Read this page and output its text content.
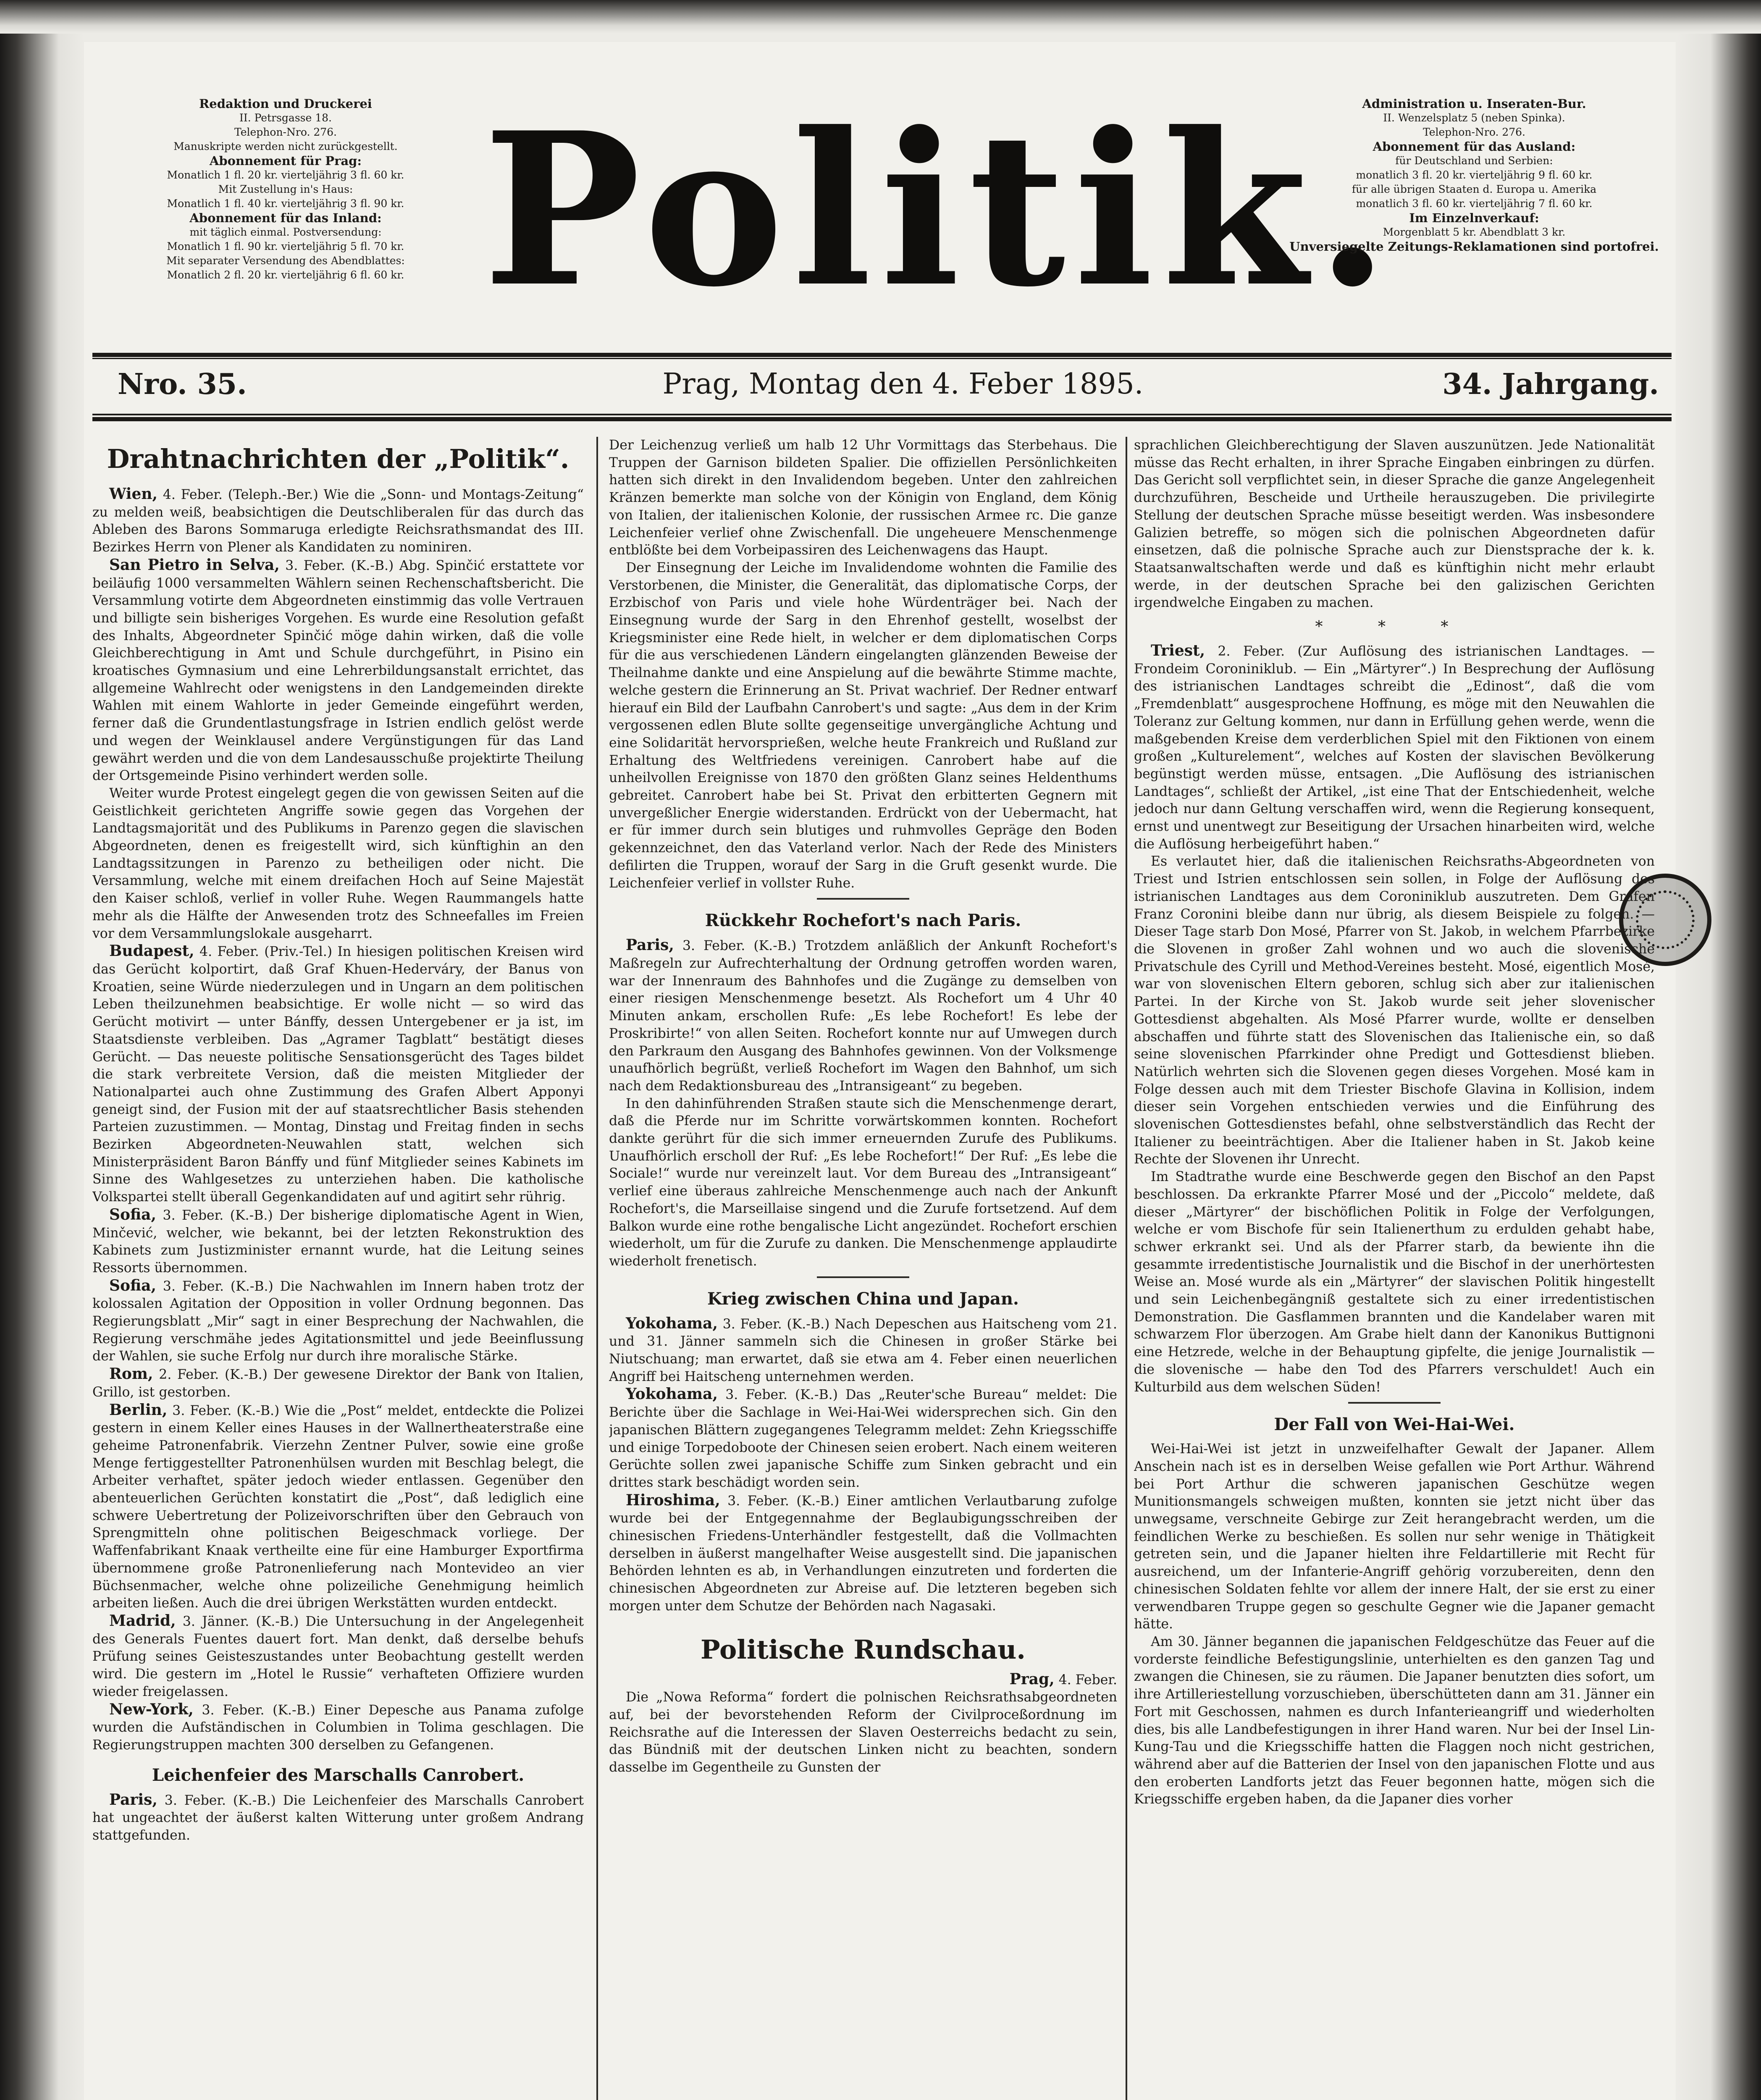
Redaktion und Druckerei
II. Petrsgasse 18.
Telephon-Nro. 276.
Manuskripte werden nicht zurückgestellt.
Abonnement für Prag:
Monatlich 1 fl. 20 kr. vierteljährig 3 fl. 60 kr.
Mit Zustellung in's Haus:
Monatlich 1 fl. 40 kr. vierteljährig 3 fl. 90 kr.
Abonnement für das Inland:
mit täglich einmal. Postversendung:
Monatlich 1 fl. 90 kr. vierteljährig 5 fl. 70 kr.
Mit separater Versendung des Abendblattes:
Monatlich 2 fl. 20 kr. vierteljährig 6 fl. 60 kr. Politik.
Administration u. Inseraten-Bur.
II. Wenzelsplatz 5 (neben Spinka).
Telephon-Nro. 276.
Abonnement für das Ausland:
für Deutschland und Serbien:
monatlich 3 fl. 20 kr. vierteljährig 9 fl. 60 kr.
für alle übrigen Staaten d. Europa u. Amerika
monatlich 3 fl. 60 kr. vierteljährig 7 fl. 60 kr.
Im Einzelnverkauf:
Morgenblatt 5 kr. Abendblatt 3 kr.
Unversiegelte Zeitungs-Reklamationen sind portofrei.
Nro. 35.	Prag, Montag den 4. Feber 1895.	34. Jahrgang.
Drahtnachrichten der „Politik“.
Wien, 4. Feber. (Teleph.-Ber.) Wie die „Sonn- und Montags-Zeitung“ zu melden weiß, beabsichtigen die Deutschliberalen für das durch das Ableben des Barons Sommaruga erledigte Reichsrathsmandat des III. Bezirkes Herrn von Plener als Kandidaten zu nominiren.
San Pietro in Selva, 3. Feber. (K.-B.) Abg. Spinčić erstattete vor beiläufig 1000 versammelten Wählern seinen Rechenschaftsbericht. Die Versammlung votirte dem Abgeordneten einstimmig das volle Vertrauen und billigte sein bisheriges Vorgehen. Es wurde eine Resolution gefaßt des Inhalts, Abgeordneter Spinčić möge dahin wirken, daß die volle Gleichberechtigung in Amt und Schule durchgeführt, in Pisino ein kroatisches Gymnasium und eine Lehrerbildungsanstalt errichtet, das allgemeine Wahlrecht oder wenigstens in den Landgemeinden direkte Wahlen mit einem Wahlorte in jeder Gemeinde eingeführt werden, ferner daß die Grundentlastungsfrage in Istrien endlich gelöst werde und wegen der Weinklausel andere Vergünstigungen für das Land gewährt werden und die von dem Landesausschuße projektirte Theilung der Ortsgemeinde Pisino verhindert werden solle.
Weiter wurde Protest eingelegt gegen die von gewissen Seiten auf die Geistlichkeit gerichteten Angriffe sowie gegen das Vorgehen der Landtagsmajorität und des Publikums in Parenzo gegen die slavischen Abgeordneten, denen es freigestellt wird, sich künftighin an den Landtagssitzungen in Parenzo zu betheiligen oder nicht. Die Versammlung, welche mit einem dreifachen Hoch auf Seine Majestät den Kaiser schloß, verlief in voller Ruhe. Wegen Raummangels hatte mehr als die Hälfte der Anwesenden trotz des Schneefalles im Freien vor dem Versammlungslokale ausgeharrt.
Budapest, 4. Feber. (Priv.-Tel.) In hiesigen politischen Kreisen wird das Gerücht kolportirt, daß Graf Khuen-Hederváry, der Banus von Kroatien, seine Würde niederzulegen und in Ungarn an dem politischen Leben theilzunehmen beabsichtige. Er wolle nicht — so wird das Gerücht motivirt — unter Bánffy, dessen Untergebener er ja ist, im Staatsdienste verbleiben. Das „Agramer Tagblatt“ bestätigt dieses Gerücht. — Das neueste politische Sensationsgerücht des Tages bildet die stark verbreitete Version, daß die meisten Mitglieder der Nationalpartei auch ohne Zustimmung des Grafen Albert Apponyi geneigt sind, der Fusion mit der auf staatsrechtlicher Basis stehenden Parteien zuzustimmen. — Montag, Dinstag und Freitag finden in sechs Bezirken Abgeordneten-Neuwahlen statt, welchen sich Ministerpräsident Baron Bánffy und fünf Mitglieder seines Kabinets im Sinne des Wahlgesetzes zu unterziehen haben. Die katholische Volkspartei stellt überall Gegenkandidaten auf und agitirt sehr rührig.
Sofia, 3. Feber. (K.-B.) Der bisherige diplomatische Agent in Wien, Minčević, welcher, wie bekannt, bei der letzten Rekonstruktion des Kabinets zum Justizminister ernannt wurde, hat die Leitung seines Ressorts übernommen.
Sofia, 3. Feber. (K.-B.) Die Nachwahlen im Innern haben trotz der kolossalen Agitation der Opposition in voller Ordnung begonnen. Das Regierungsblatt „Mir“ sagt in einer Besprechung der Nachwahlen, die Regierung verschmähe jedes Agitationsmittel und jede Beeinflussung der Wahlen, sie suche Erfolg nur durch ihre moralische Stärke.
Rom, 2. Feber. (K.-B.) Der gewesene Direktor der Bank von Italien, Grillo, ist gestorben.
Berlin, 3. Feber. (K.-B.) Wie die „Post“ meldet, entdeckte die Polizei gestern in einem Keller eines Hauses in der Wallnertheaterstraße eine geheime Patronenfabrik. Vierzehn Zentner Pulver, sowie eine große Menge fertiggestellter Patronenhülsen wurden mit Beschlag belegt, die Arbeiter verhaftet, später jedoch wieder entlassen. Gegenüber den abenteuerlichen Gerüchten konstatirt die „Post“, daß lediglich eine schwere Uebertretung der Polizeivorschriften über den Gebrauch von Sprengmitteln ohne politischen Beigeschmack vorliege. Der Waffenfabrikant Knaak vertheilte eine für eine Hamburger Exportfirma übernommene große Patronenlieferung nach Montevideo an vier Büchsenmacher, welche ohne polizeiliche Genehmigung heimlich arbeiten ließen. Auch die drei übrigen Werkstätten wurden entdeckt.
Madrid, 3. Jänner. (K.-B.) Die Untersuchung in der Angelegenheit des Generals Fuentes dauert fort. Man denkt, daß derselbe behufs Prüfung seines Geisteszustandes unter Beobachtung gestellt werden wird. Die gestern im „Hotel le Russie“ verhafteten Offiziere wurden wieder freigelassen.
New-York, 3. Feber. (K.-B.) Einer Depesche aus Panama zufolge wurden die Aufständischen in Columbien in Tolima geschlagen. Die Regierungstruppen machten 300 derselben zu Gefangenen.
Leichenfeier des Marschalls Canrobert.
Paris, 3. Feber. (K.-B.) Die Leichenfeier des Marschalls Canrobert hat ungeachtet der äußerst kalten Witterung unter großem Andrang stattgefunden.
Der Leichenzug verließ um halb 12 Uhr Vormittags das Sterbehaus. Die Truppen der Garnison bildeten Spalier. Die offiziellen Persönlichkeiten hatten sich direkt in den Invalidendom begeben. Unter den zahlreichen Kränzen bemerkte man solche von der Königin von England, dem König von Italien, der italienischen Kolonie, der russischen Armee rc. Die ganze Leichenfeier verlief ohne Zwischenfall. Die ungeheuere Menschenmenge entblößte bei dem Vorbeipassiren des Leichenwagens das Haupt.
Der Einsegnung der Leiche im Invalidendome wohnten die Familie des Verstorbenen, die Minister, die Generalität, das diplomatische Corps, der Erzbischof von Paris und viele hohe Würdenträger bei. Nach der Einsegnung wurde der Sarg in den Ehrenhof gestellt, woselbst der Kriegsminister eine Rede hielt, in welcher er dem diplomatischen Corps für die aus verschiedenen Ländern eingelangten glänzenden Beweise der Theilnahme dankte und eine Anspielung auf die bewährte Stimme machte, welche gestern die Erinnerung an St. Privat wachrief. Der Redner entwarf hierauf ein Bild der Laufbahn Canrobert's und sagte: „Aus dem in der Krim vergossenen edlen Blute sollte gegenseitige unvergängliche Achtung und eine Solidarität hervorsprießen, welche heute Frankreich und Rußland zur Erhaltung des Weltfriedens vereinigen. Canrobert habe auf die unheilvollen Ereignisse von 1870 den größten Glanz seines Heldenthums gebreitet. Canrobert habe bei St. Privat den erbitterten Gegnern mit unvergeßlicher Energie widerstanden. Erdrückt von der Uebermacht, hat er für immer durch sein blutiges und ruhmvolles Gepräge den Boden gekennzeichnet, den das Vaterland verlor. Nach der Rede des Ministers defilirten die Truppen, worauf der Sarg in die Gruft gesenkt wurde. Die Leichenfeier verlief in vollster Ruhe.
Rückkehr Rochefort's nach Paris.
Paris, 3. Feber. (K.-B.) Trotzdem anläßlich der Ankunft Rochefort's Maßregeln zur Aufrechterhaltung der Ordnung getroffen worden waren, war der Innenraum des Bahnhofes und die Zugänge zu demselben von einer riesigen Menschenmenge besetzt. Als Rochefort um 4 Uhr 40 Minuten ankam, erschollen Rufe: „Es lebe Rochefort! Es lebe der Proskribirte!“ von allen Seiten. Rochefort konnte nur auf Umwegen durch den Parkraum den Ausgang des Bahnhofes gewinnen. Von der Volksmenge unaufhörlich begrüßt, verließ Rochefort im Wagen den Bahnhof, um sich nach dem Redaktionsbureau des „Intransigeant“ zu begeben.
In den dahinführenden Straßen staute sich die Menschenmenge derart, daß die Pferde nur im Schritte vorwärtskommen konnten. Rochefort dankte gerührt für die sich immer erneuernden Zurufe des Publikums. Unaufhörlich erscholl der Ruf: „Es lebe Rochefort!“ Der Ruf: „Es lebe die Sociale!“ wurde nur vereinzelt laut. Vor dem Bureau des „Intransigeant“ verlief eine überaus zahlreiche Menschenmenge auch nach der Ankunft Rochefort's, die Marseillaise singend und die Zurufe fortsetzend. Auf dem Balkon wurde eine rothe bengalische Licht angezündet. Rochefort erschien wiederholt, um für die Zurufe zu danken. Die Menschenmenge applaudirte wiederholt frenetisch.
Krieg zwischen China und Japan.
Yokohama, 3. Feber. (K.-B.) Nach Depeschen aus Haitscheng vom 21. und 31. Jänner sammeln sich die Chinesen in großer Stärke bei Niutschuang; man erwartet, daß sie etwa am 4. Feber einen neuerlichen Angriff bei Haitscheng unternehmen werden.
Yokohama, 3. Feber. (K.-B.) Das „Reuter'sche Bureau“ meldet: Die Berichte über die Sachlage in Wei-Hai-Wei widersprechen sich. Gin den japanischen Blättern zugegangenes Telegramm meldet: Zehn Kriegsschiffe und einige Torpedoboote der Chinesen seien erobert. Nach einem weiteren Gerüchte sollen zwei japanische Schiffe zum Sinken gebracht und ein drittes stark beschädigt worden sein.
Hiroshima, 3. Feber. (K.-B.) Einer amtlichen Verlautbarung zufolge wurde bei der Entgegennahme der Beglaubigungsschreiben der chinesischen Friedens-Unterhändler festgestellt, daß die Vollmachten derselben in äußerst mangelhafter Weise ausgestellt sind. Die japanischen Behörden lehnten es ab, in Verhandlungen einzutreten und forderten die chinesischen Abgeordneten zur Abreise auf. Die letzteren begeben sich morgen unter dem Schutze der Behörden nach Nagasaki.
Politische Rundschau.
Prag, 4. Feber.
Die „Nowa Reforma“ fordert die polnischen Reichsrathsabgeordneten auf, bei der bevorstehenden Reform der Civilproceßordnung im Reichsrathe auf die Interessen der Slaven Oesterreichs bedacht zu sein, das Bündniß mit der deutschen Linken nicht zu beachten, sondern dasselbe im Gegentheile zu Gunsten der
sprachlichen Gleichberechtigung der Slaven auszunützen. Jede Nationalität müsse das Recht erhalten, in ihrer Sprache Eingaben einbringen zu dürfen. Das Gericht soll verpflichtet sein, in dieser Sprache die ganze Angelegenheit durchzuführen, Bescheide und Urtheile herauszugeben. Die privilegirte Stellung der deutschen Sprache müsse beseitigt werden. Was insbesondere Galizien betreffe, so mögen sich die polnischen Abgeordneten dafür einsetzen, daß die polnische Sprache auch zur Dienstsprache der k. k. Staatsanwaltschaften werde und daß es künftighin nicht mehr erlaubt werde, in der deutschen Sprache bei den galizischen Gerichten irgendwelche Eingaben zu machen.
* * *
Triest, 2. Feber. (Zur Auflösung des istrianischen Landtages. — Frondeim Coroniniklub. — Ein „Märtyrer“.) In Besprechung der Auflösung des istrianischen Landtages schreibt die „Edinost“, daß die vom „Fremdenblatt“ ausgesprochene Hoffnung, es möge mit den Neuwahlen die Toleranz zur Geltung kommen, nur dann in Erfüllung gehen werde, wenn die maßgebenden Kreise dem verderblichen Spiel mit den Fiktionen von einem großen „Kulturelement“, welches auf Kosten der slavischen Bevölkerung begünstigt werden müsse, entsagen. „Die Auflösung des istrianischen Landtages“, schließt der Artikel, „ist eine That der Entschiedenheit, welche jedoch nur dann Geltung verschaffen wird, wenn die Regierung konsequent, ernst und unentwegt zur Beseitigung der Ursachen hinarbeiten wird, welche die Auflösung herbeigeführt haben.“
Es verlautet hier, daß die italienischen Reichsraths-Abgeordneten von Triest und Istrien entschlossen sein sollen, in Folge der Auflösung des istrianischen Landtages aus dem Coroniniklub auszutreten. Dem Grafen Franz Coronini bleibe dann nur übrig, als diesem Beispiele zu folgen. — Dieser Tage starb Don Mosé, Pfarrer von St. Jakob, in welchem Pfarrbezirke die Slovenen in großer Zahl wohnen und wo auch die slovenische Privatschule des Cyrill und Method-Vereines besteht. Mosé, eigentlich Mosé, war von slovenischen Eltern geboren, schlug sich aber zur italienischen Partei. In der Kirche von St. Jakob wurde seit jeher slovenischer Gottesdienst abgehalten. Als Mosé Pfarrer wurde, wollte er denselben abschaffen und führte statt des Slovenischen das Italienische ein, so daß seine slovenischen Pfarrkinder ohne Predigt und Gottesdienst blieben. Natürlich wehrten sich die Slovenen gegen dieses Vorgehen. Mosé kam in Folge dessen auch mit dem Triester Bischofe Glavina in Kollision, indem dieser sein Vorgehen entschieden verwies und die Einführung des slovenischen Gottesdienstes befahl, ohne selbstverständlich das Recht der Italiener zu beeinträchtigen. Aber die Italiener haben in St. Jakob keine Rechte der Slovenen ihr Unrecht.
Im Stadtrathe wurde eine Beschwerde gegen den Bischof an den Papst beschlossen. Da erkrankte Pfarrer Mosé und der „Piccolo“ meldete, daß dieser „Märtyrer“ der bischöflichen Politik in Folge der Verfolgungen, welche er vom Bischofe für sein Italienerthum zu erdulden gehabt habe, schwer erkrankt sei. Und als der Pfarrer starb, da bewiente ihn die gesammte irredentistische Journalistik und die Bischof in der unerhörtesten Weise an. Mosé wurde als ein „Märtyrer“ der slavischen Politik hingestellt und sein Leichenbegängniß gestaltete sich zu einer irredentistischen Demonstration. Die Gasflammen brannten und die Kandelaber waren mit schwarzem Flor überzogen. Am Grabe hielt dann der Kanonikus Buttignoni eine Hetzrede, welche in der Behauptung gipfelte, die jenige Journalistik — die slovenische — habe den Tod des Pfarrers verschuldet! Auch ein Kulturbild aus dem welschen Süden!
Der Fall von Wei-Hai-Wei.
Wei-Hai-Wei ist jetzt in unzweifelhafter Gewalt der Japaner. Allem Anschein nach ist es in derselben Weise gefallen wie Port Arthur. Während bei Port Arthur die schweren japanischen Geschütze wegen Munitionsmangels schweigen mußten, konnten sie jetzt nicht über das unwegsame, verschneite Gebirge zur Zeit herangebracht werden, um die feindlichen Werke zu beschießen. Es sollen nur sehr wenige in Thätigkeit getreten sein, und die Japaner hielten ihre Feldartillerie mit Recht für ausreichend, um der Infanterie-Angriff gehörig vorzubereiten, denn den chinesischen Soldaten fehlte vor allem der innere Halt, der sie erst zu einer verwendbaren Truppe gegen so geschulte Gegner wie die Japaner gemacht hätte.
Am 30. Jänner begannen die japanischen Feldgeschütze das Feuer auf die vorderste feindliche Befestigungslinie, unterhielten es den ganzen Tag und zwangen die Chinesen, sie zu räumen. Die Japaner benutzten dies sofort, um ihre Artilleriestellung vorzuschieben, überschütteten dann am 31. Jänner ein Fort mit Geschossen, nahmen es durch Infanterieangriff und wiederholten dies, bis alle Landbefestigungen in ihrer Hand waren. Nur bei der Insel Lin-Kung-Tau und die Kriegsschiffe hatten die Flaggen noch nicht gestrichen, während aber auf die Batterien der Insel von den japanischen Flotte und aus den eroberten Landforts jetzt das Feuer begonnen hatte, mögen sich die Kriegsschiffe ergeben haben, da die Japaner dies vorher
